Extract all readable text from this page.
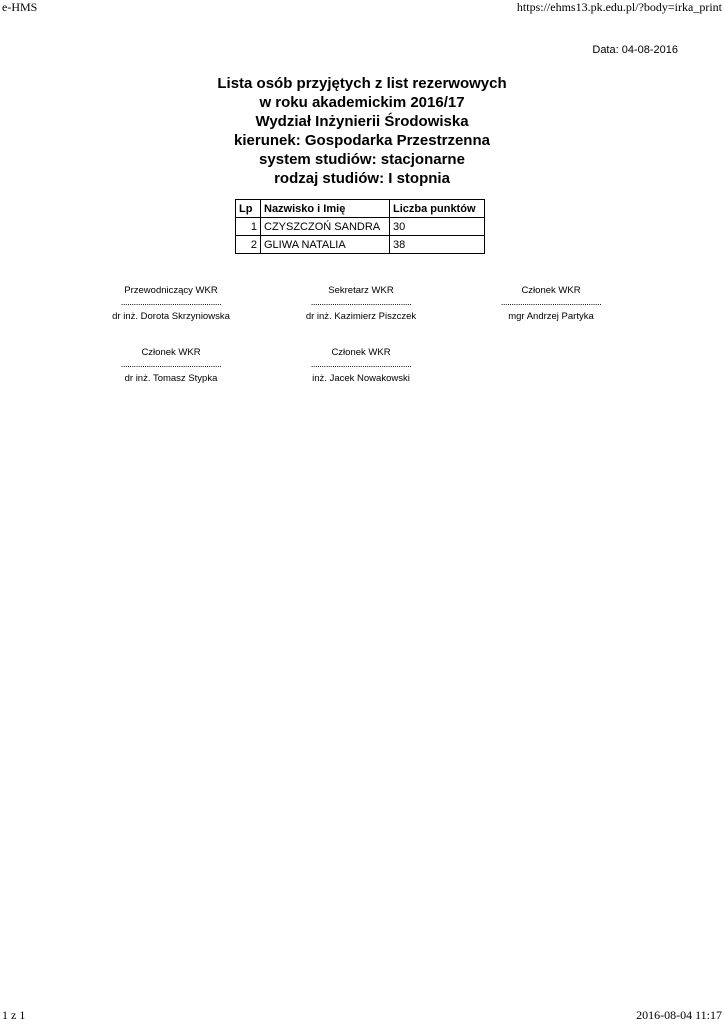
e-HMS	https://ehms13.pk.edu.pl/?body=irka_print
Data: 04-08-2016
Lista osób przyjętych z list rezerwowych
w roku akademickim 2016/17
Wydział Inżynierii Środowiska
kierunek: Gospodarka Przestrzenna
system studiów: stacjonarne
rodzaj studiów: I stopnia
Lp	Nazwisko i Imię	Liczba punktów
1	CZYSZCZOŃ SANDRA	30
2	GLIWA NATALIA	38
Przewodniczący WKR
...............................................
dr inż. Dorota Skrzyniowska
Sekretarz WKR
...............................................
dr inż. Kazimierz Piszczek
Członek WKR
...............................................
mgr Andrzej Partyka
Członek WKR
...............................................
dr inż. Tomasz Stypka
Członek WKR
...............................................
inż. Jacek Nowakowski
1 z 1	2016-08-04 11:17
